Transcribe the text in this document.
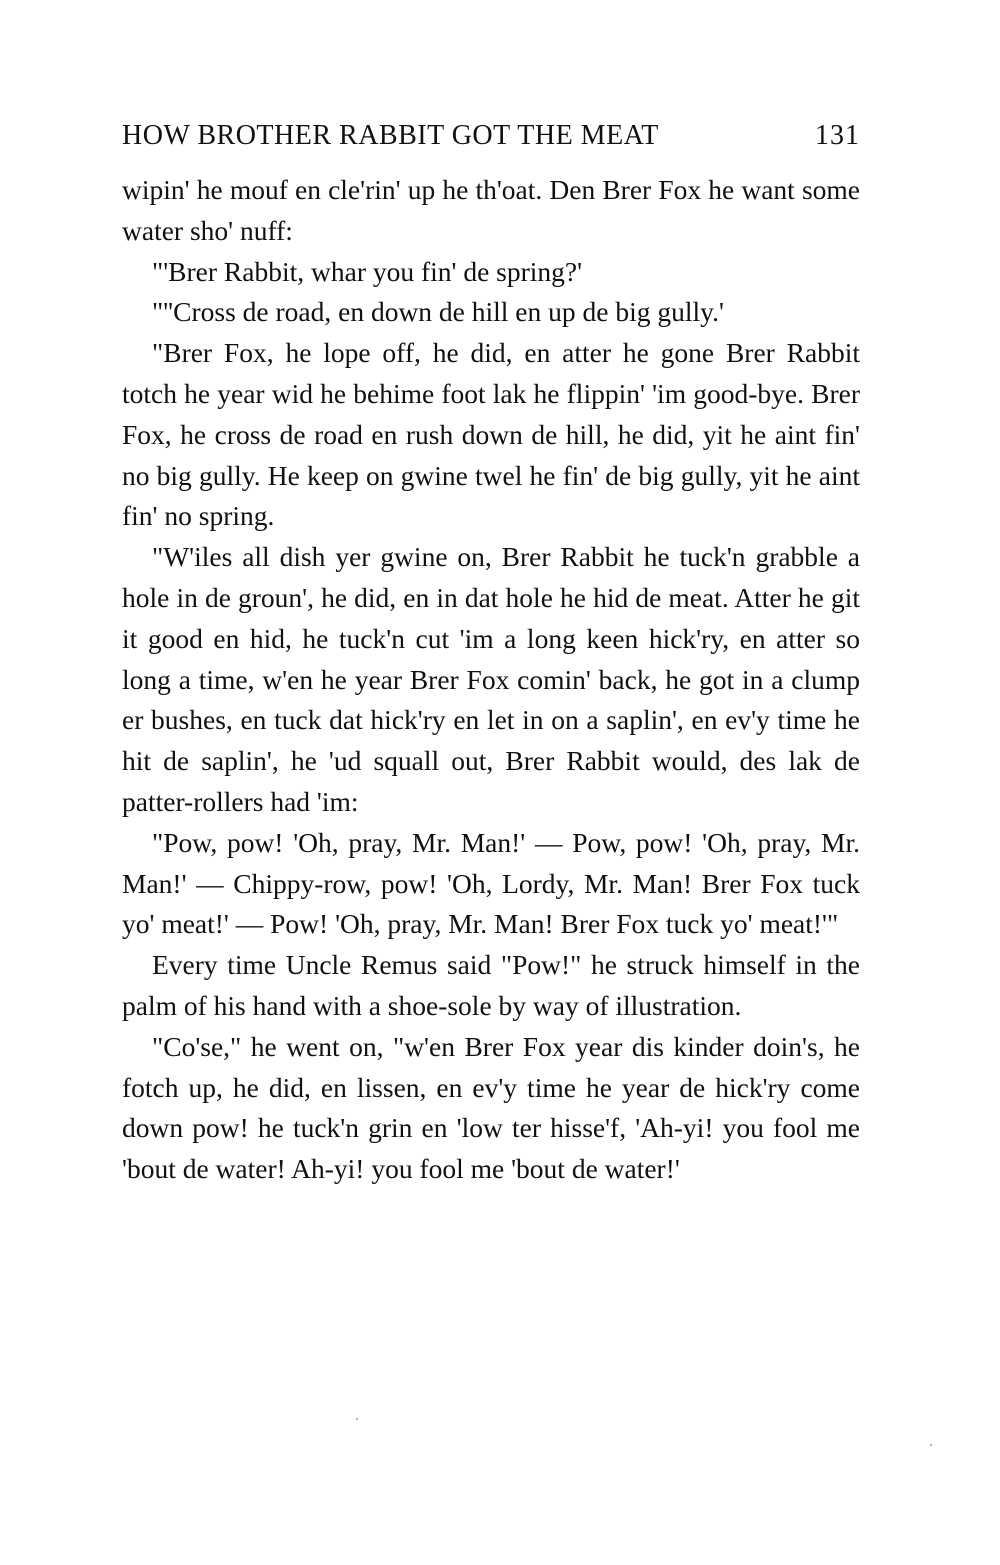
HOW BROTHER RABBIT GOT THE MEAT	131

wipin' he mouf en cle'rin' up he th'oat. Den Brer Fox he want some water sho' nuff:

"'Brer Rabbit, whar you fin' de spring?'

"''Cross de road, en down de hill en up de big gully.'

"Brer Fox, he lope off, he did, en atter he gone Brer Rabbit totch he year wid he behime foot lak he flippin' 'im good-bye. Brer Fox, he cross de road en rush down de hill, he did, yit he aint fin' no big gully. He keep on gwine twel he fin' de big gully, yit he aint fin' no spring.

"W'iles all dish yer gwine on, Brer Rabbit he tuck'n grabble a hole in de groun', he did, en in dat hole he hid de meat. Atter he git it good en hid, he tuck'n cut 'im a long keen hick'ry, en atter so long a time, w'en he year Brer Fox comin' back, he got in a clump er bushes, en tuck dat hick'ry en let in on a saplin', en ev'y time he hit de saplin', he 'ud squall out, Brer Rabbit would, des lak de patter-rollers had 'im:

"Pow, pow! 'Oh, pray, Mr. Man!' — Pow, pow! 'Oh, pray, Mr. Man!' — Chippy-row, pow! 'Oh, Lordy, Mr. Man! Brer Fox tuck yo' meat!' — Pow! 'Oh, pray, Mr. Man! Brer Fox tuck yo' meat!'"

Every time Uncle Remus said "Pow!" he struck himself in the palm of his hand with a shoe-sole by way of illustration.

"Co'se," he went on, "w'en Brer Fox year dis kinder doin's, he fotch up, he did, en lissen, en ev'y time he year de hick'ry come down pow! he tuck'n grin en 'low ter hisse'f, 'Ah-yi! you fool me 'bout de water! Ah-yi! you fool me 'bout de water!'
